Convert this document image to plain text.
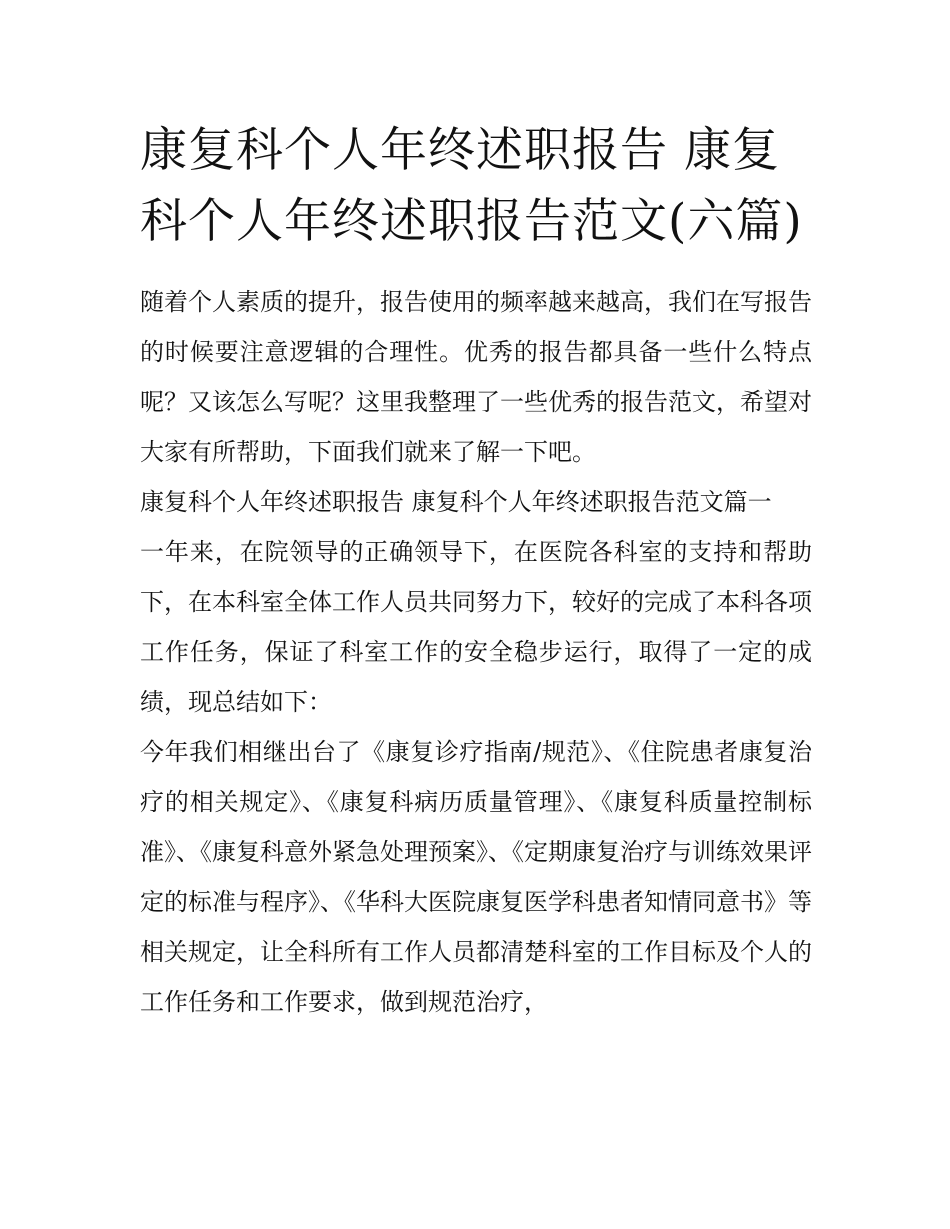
康复科个人年终述职报告 康复科个人年终述职报告范文(六篇)

随着个人素质的提升，报告使用的频率越来越高，我们在写报告的时候要注意逻辑的合理性。优秀的报告都具备一些什么特点呢？又该怎么写呢？这里我整理了一些优秀的报告范文，希望对大家有所帮助，下面我们就来了解一下吧。

康复科个人年终述职报告 康复科个人年终述职报告范文篇一

一年来，在院领导的正确领导下，在医院各科室的支持和帮助下，在本科室全体工作人员共同努力下，较好的完成了本科各项工作任务，保证了科室工作的安全稳步运行，取得了一定的成绩，现总结如下：

今年我们相继出台了《康复诊疗指南/规范》、《住院患者康复治疗的相关规定》、《康复科病历质量管理》、《康复科质量控制标准》、《康复科意外紧急处理预案》、《定期康复治疗与训练效果评定的标准与程序》、《华科大医院康复医学科患者知情同意书》等相关规定，让全科所有工作人员都清楚科室的工作目标及个人的工作任务和工作要求，做到规范治疗，
